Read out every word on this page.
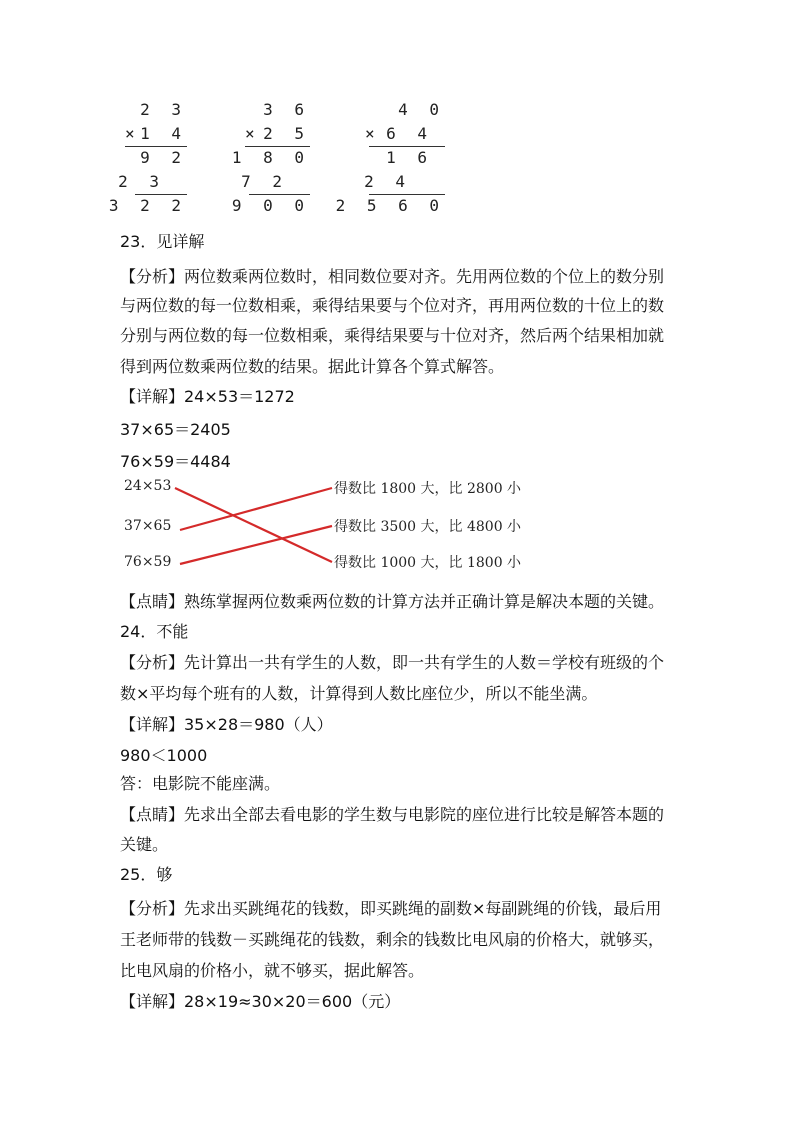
2 3
× 1 4
9 2
2 3
3 2 2
3 6
× 2 5
1 8 0
7 2
9 0 0
4 0
× 6 4
1 6
2 4
2 5 6 0
23．见详解
【分析】两位数乘两位数时，相同数位要对齐。先用两位数的个位上的数分别
与两位数的每一位数相乘，乘得结果要与个位对齐，再用两位数的十位上的数
分别与两位数的每一位数相乘，乘得结果要与十位对齐，然后两个结果相加就
得到两位数乘两位数的结果。据此计算各个算式解答。
【详解】24×53＝1272
37×65＝2405
76×59＝4484
24×53
37×65
76×59
得数比 1800 大，比 2800 小
得数比 3500 大，比 4800 小
得数比 1000 大，比 1800 小
【点睛】熟练掌握两位数乘两位数的计算方法并正确计算是解决本题的关键。
24．不能
【分析】先计算出一共有学生的人数，即一共有学生的人数＝学校有班级的个
数×平均每个班有的人数，计算得到人数比座位少，所以不能坐满。
【详解】35×28＝980（人）
980＜1000
答：电影院不能座满。
【点睛】先求出全部去看电影的学生数与电影院的座位进行比较是解答本题的
关键。
25．够
【分析】先求出买跳绳花的钱数，即买跳绳的副数×每副跳绳的价钱，最后用
王老师带的钱数－买跳绳花的钱数，剩余的钱数比电风扇的价格大，就够买，
比电风扇的价格小，就不够买，据此解答。
【详解】28×19≈30×20＝600（元）
